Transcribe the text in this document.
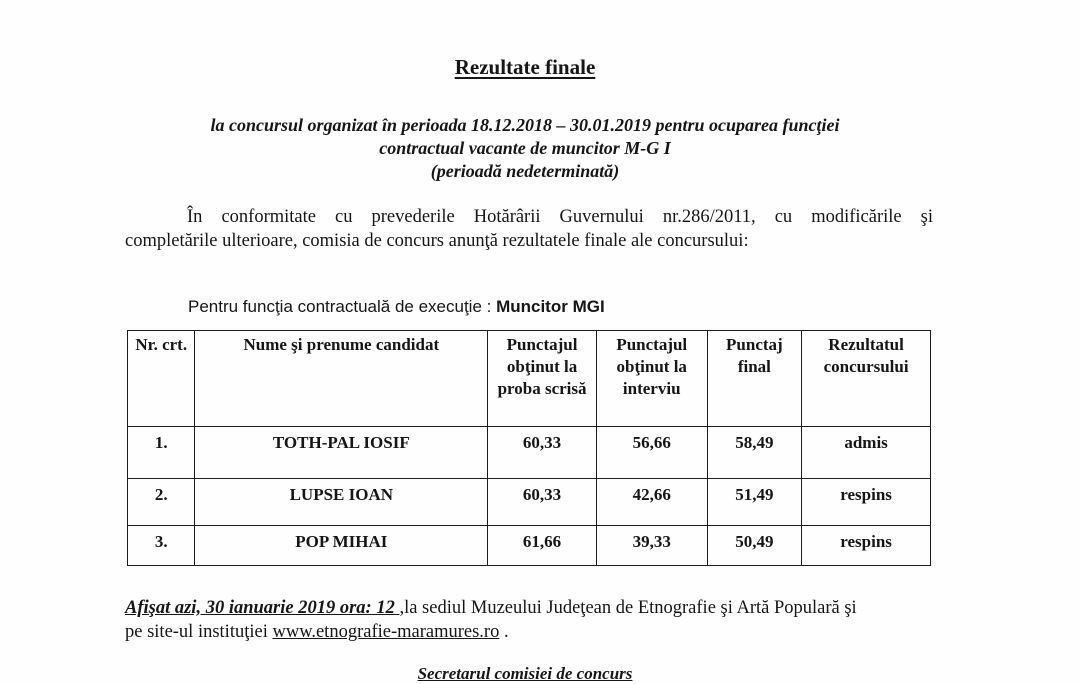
Rezultate finale
la concursul organizat în perioada 18.12.2018 – 30.01.2019 pentru ocuparea funcţiei
contractual vacante de muncitor M-G I
(perioadă nedeterminată)
În conformitate cu prevederile Hotărârii Guvernului nr.286/2011, cu modificările şi
completările ulterioare, comisia de concurs anunţă rezultatele finale ale concursului:
Pentru funcţia contractuală de execuţie : Muncitor MGI
Nr. crt.	Nume şi prenume candidat	Punctajul obţinut la proba scrisă	Punctajul obţinut la interviu	Punctaj final	Rezultatul concursului
1.	TOTH-PAL IOSIF	60,33	56,66	58,49	admis
2.	LUPSE IOAN	60,33	42,66	51,49	respins
3.	POP MIHAI	61,66	39,33	50,49	respins
Afişat azi, 30 ianuarie 2019 ora: 12 ,la sediul Muzeului Judeţean de Etnografie şi Artă Populară şi
pe site-ul instituţiei www.etnografie-maramures.ro .
Secretarul comisiei de concurs
